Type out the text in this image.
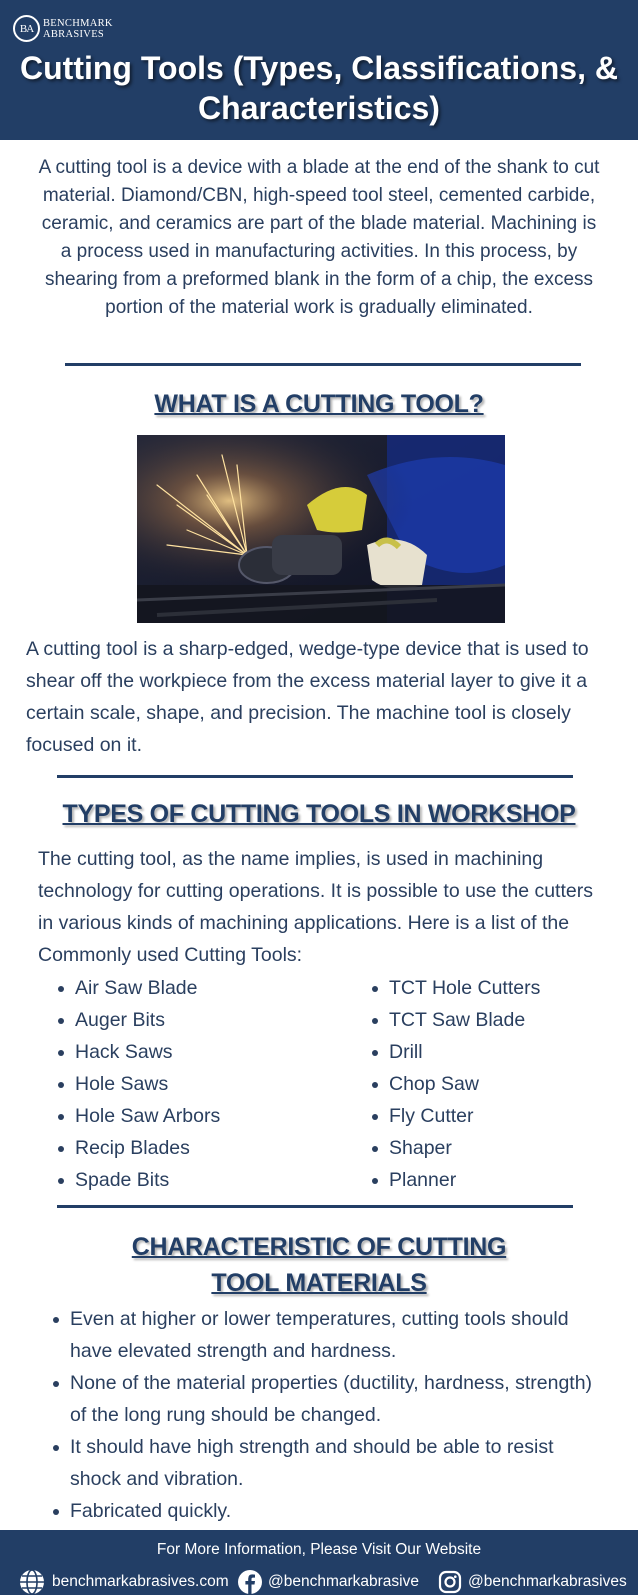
BA BENCHMARK
ABRASIVES
Cutting Tools (Types, Classifications, & Characteristics)

A cutting tool is a device with a blade at the end of the shank to cut material. Diamond/CBN, high-speed tool steel, cemented carbide, ceramic, and ceramics are part of the blade material. Machining is a process used in manufacturing activities. In this process, by shearing from a preformed blank in the form of a chip, the excess portion of the material work is gradually eliminated.

WHAT IS A CUTTING TOOL?

A cutting tool is a sharp-edged, wedge-type device that is used to shear off the workpiece from the excess material layer to give it a certain scale, shape, and precision. The machine tool is closely focused on it.

TYPES OF CUTTING TOOLS IN WORKSHOP

The cutting tool, as the name implies, is used in machining technology for cutting operations. It is possible to use the cutters in various kinds of machining applications. Here is a list of the Commonly used Cutting Tools:

Air Saw Blade
Auger Bits
Hack Saws
Hole Saws
Hole Saw Arbors
Recip Blades
Spade Bits
TCT Hole Cutters
TCT Saw Blade
Drill
Chop Saw
Fly Cutter
Shaper
Planner
CHARACTERISTIC OF CUTTING
TOOL MATERIALS
Even at higher or lower temperatures, cutting tools should have elevated strength and hardness.
None of the material properties (ductility, hardness, strength) of the long rung should be changed.
It should have high strength and should be able to resist shock and vibration.
Fabricated quickly.
For More Information, Please Visit Our Website
benchmarkabrasives.com	@benchmarkabrasive	@benchmarkabrasives
